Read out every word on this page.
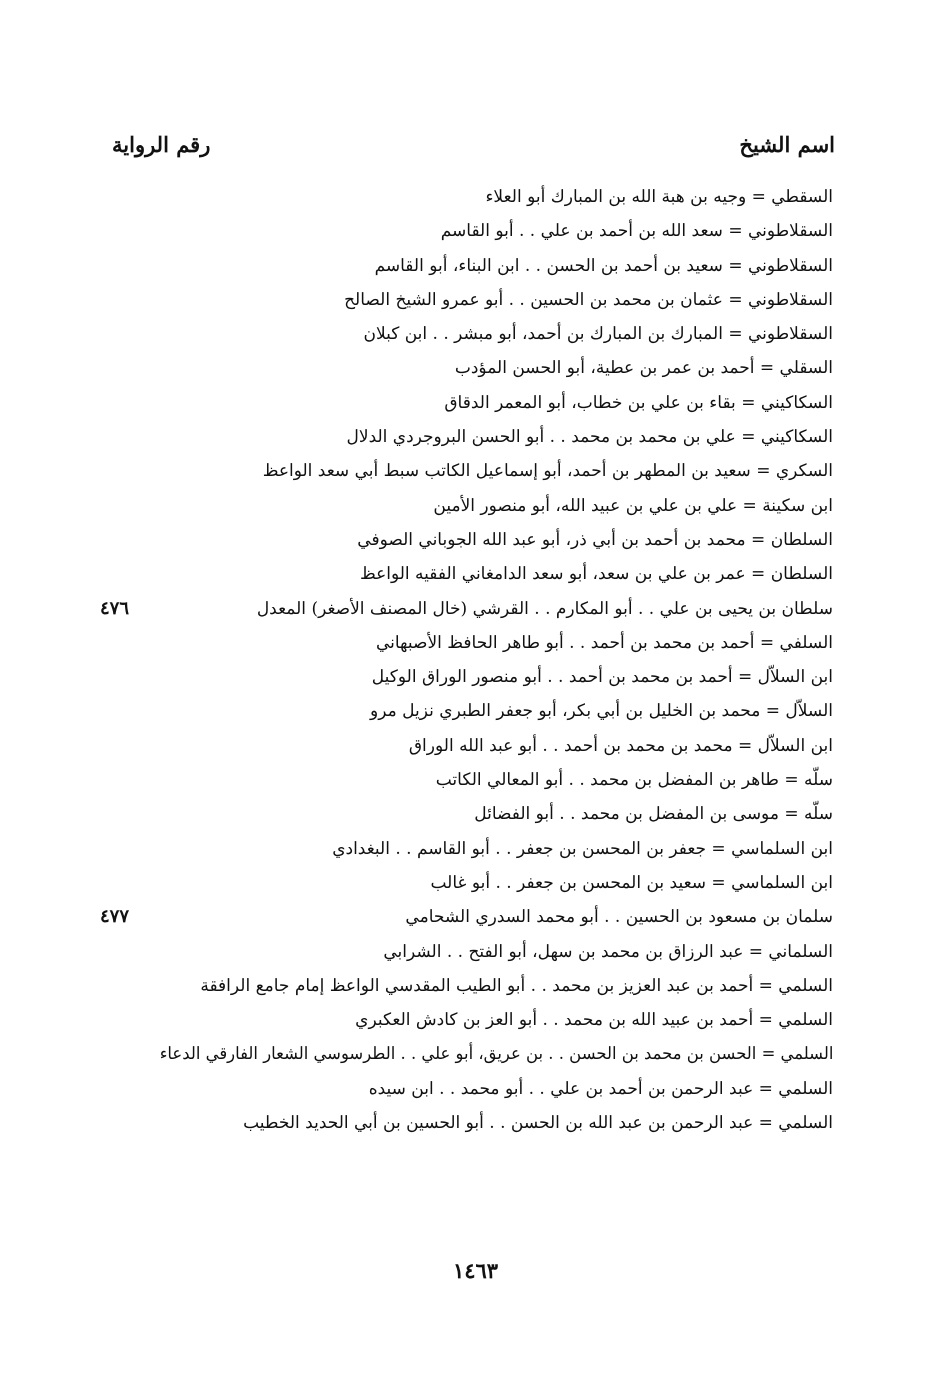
اسم الشيخ
رقم الرواية
السقطي = وجيه بن هبة الله بن المبارك أبو العلاء
السقلاطوني = سعد الله بن أحمد بن علي . . أبو القاسم
السقلاطوني = سعيد بن أحمد بن الحسن . . ابن البناء، أبو القاسم
السقلاطوني = عثمان بن محمد بن الحسين . . أبو عمرو الشيخ الصالح
السقلاطوني = المبارك بن المبارك بن أحمد، أبو مبشر . . ابن كبلان
السقلي = أحمد بن عمر بن عطية، أبو الحسن المؤدب
السكاكيني = بقاء بن علي بن خطاب، أبو المعمر الدقاق
السكاكيني = علي بن محمد بن محمد . . أبو الحسن البروجردي الدلال
السكري = سعيد بن المطهر بن أحمد، أبو إسماعيل الكاتب سبط أبي سعد الواعظ
ابن سكينة = علي بن علي بن عبيد الله، أبو منصور الأمين
السلطان = محمد بن أحمد بن أبي ذر، أبو عبد الله الجوباني الصوفي
السلطان = عمر بن علي بن سعد، أبو سعد الدامغاني الفقيه الواعظ
سلطان بن يحيى بن علي . . أبو المكارم . . القرشي (خال المصنف الأصغر) المعدل
٤٧٦
السلفي = أحمد بن محمد بن أحمد . . أبو طاهر الحافظ الأصبهاني
ابن السلاّل = أحمد بن محمد بن أحمد . . أبو منصور الوراق الوكيل
السلاّل = محمد بن الخليل بن أبي بكر، أبو جعفر الطبري نزيل مرو
ابن السلاّل = محمد بن محمد بن أحمد . . أبو عبد الله الوراق
سلّه = طاهر بن المفضل بن محمد . . أبو المعالي الكاتب
سلّه = موسى بن المفضل بن محمد . . أبو الفضائل
ابن السلماسي = جعفر بن المحسن بن جعفر . . أبو القاسم . . البغدادي
ابن السلماسي = سعيد بن المحسن بن جعفر . . أبو غالب
سلمان بن مسعود بن الحسين . . أبو محمد السدري الشحامي
٤٧٧
السلماني = عبد الرزاق بن محمد بن سهل، أبو الفتح . . الشرابي
السلمي = أحمد بن عبد العزيز بن محمد . . أبو الطيب المقدسي الواعظ إمام جامع الرافقة
السلمي = أحمد بن عبيد الله بن محمد . . أبو العز بن كادش العكبري
السلمي = الحسن بن محمد بن الحسن . . بن عريق، أبو علي . . الطرسوسي الشعار الفارقي الدعاء
السلمي = عبد الرحمن بن أحمد بن علي . . أبو محمد . . ابن سيده
السلمي = عبد الرحمن بن عبد الله بن الحسن . . أبو الحسين بن أبي الحديد الخطيب
١٤٦٣
